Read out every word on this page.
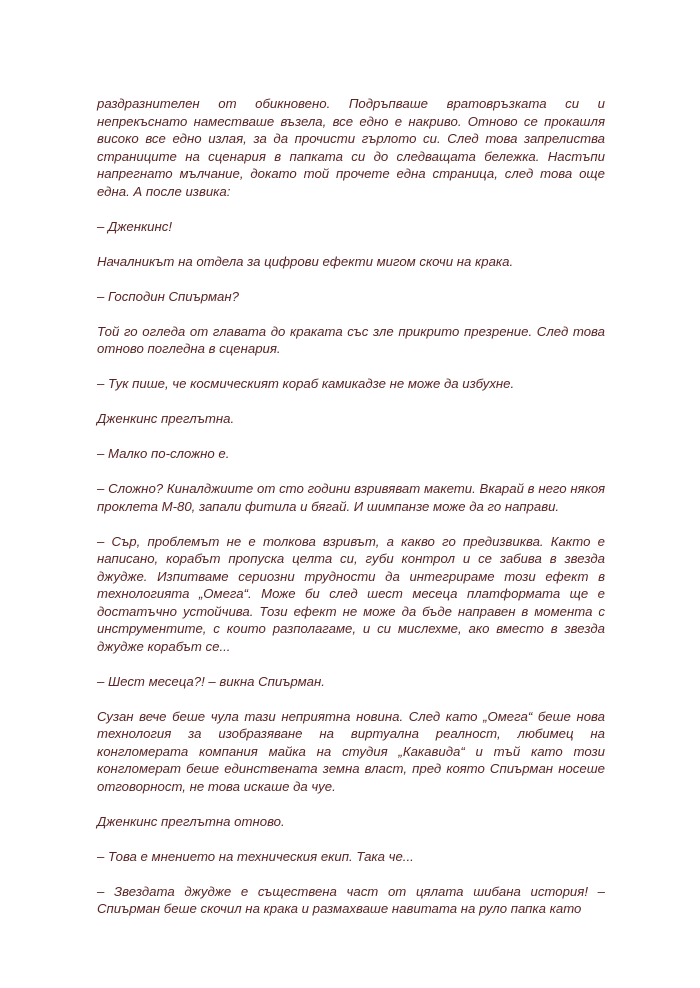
раздразнителен от обикновено. Подръпваше вратовръзката си и непрекъснато наместваше възела, все едно е накриво. Отново се прокашля високо все едно излая, за да прочисти гърлото си. След това запрелиства страниците на сценария в папката си до следващата бележка. Настъпи напрегнато мълчание, докато той прочете една страница, след това още една. А после извика:

– Дженкинс!

Началникът на отдела за цифрови ефекти мигом скочи на крака.

– Господин Спиърман?

Той го огледа от главата до краката със зле прикрито презрение. След това отново погледна в сценария.

– Тук пише, че космическият кораб камикадзе не може да избухне.

Дженкинс преглътна.

– Малко по-сложно е.

– Сложно? Киналджиите от сто години взривяват макети. Вкарай в него някоя проклета М-80, запали фитила и бягай. И шимпанзе може да го направи.

– Сър, проблемът не е толкова взривът, а какво го предизвиква. Както е написано, корабът пропуска целта си, губи контрол и се забива в звезда джудже. Изпитваме сериозни трудности да интегрираме този ефект в технологията „Омега“. Може би след шест месеца платформата ще е достатъчно устойчива. Този ефект не може да бъде направен в момента с инструментите, с които разполагаме, и си мислехме, ако вместо в звезда джудже корабът се...

– Шест месеца?! – викна Спиърман.

Сузан вече беше чула тази неприятна новина. След като „Омега“ беше нова технология за изобразяване на виртуална реалност, любимец на конгломерата компания майка на студия „Какавида“ и тъй като този конгломерат беше единствената земна власт, пред която Спиърман носеше отговорност, не това искаше да чуе.

Дженкинс преглътна отново.

– Това е мнението на техническия екип. Така че...

– Звездата джудже е съществена част от цялата шибана история! – Спиърман беше скочил на крака и размахваше навитата на руло папка като
